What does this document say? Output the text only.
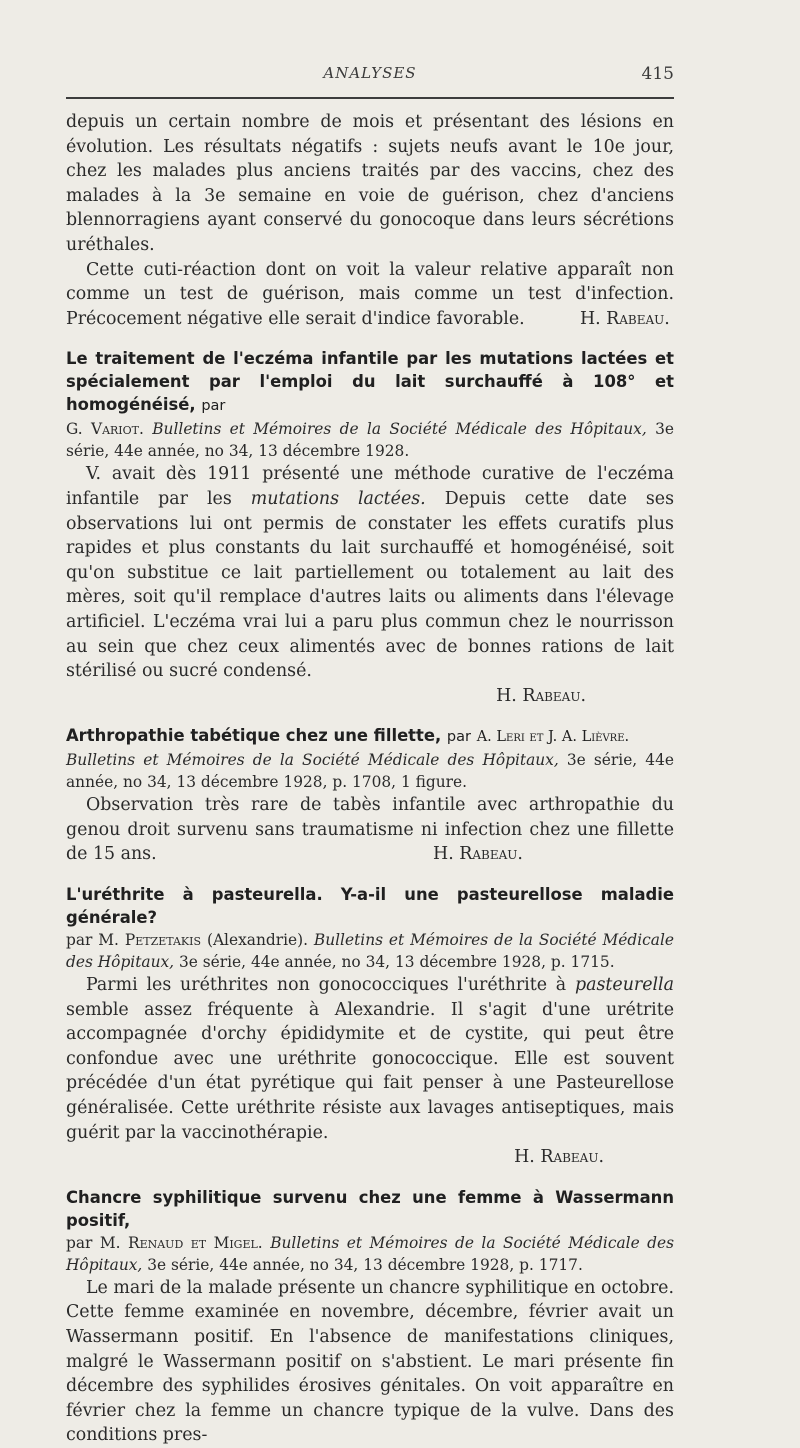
ANALYSES	415

depuis un certain nombre de mois et présentant des lésions en évolution. Les résultats négatifs : sujets neufs avant le 10e jour, chez les malades plus anciens traités par des vaccins, chez des malades à la 3e semaine en voie de guérison, chez d'anciens blennorragiens ayant conservé du gonocoque dans leurs sécrétions uréthales.

Cette cuti-réaction dont on voit la valeur relative apparaît non comme un test de guérison, mais comme un test d'infection. Précocement négative elle serait d'indice favorable.	H. Rabeau.

Le traitement de l'eczéma infantile par les mutations lactées et spécialement par l'emploi du lait surchauffé à 108° et homogénéisé, par

G. Variot. Bulletins et Mémoires de la Société Médicale des Hôpitaux, 3e série, 44e année, no 34, 13 décembre 1928.

V. avait dès 1911 présenté une méthode curative de l'eczéma infantile par les mutations lactées. Depuis cette date ses observations lui ont permis de constater les effets curatifs plus rapides et plus constants du lait surchauffé et homogénéisé, soit qu'on substitue ce lait partiellement ou totalement au lait des mères, soit qu'il remplace d'autres laits ou aliments dans l'élevage artificiel. L'eczéma vrai lui a paru plus commun chez le nourrisson au sein que chez ceux alimentés avec de bonnes rations de lait stérilisé ou sucré condensé.

H. Rabeau.

Arthropathie tabétique chez une fillette, par A. Leri et J. A. Lièvre.

Bulletins et Mémoires de la Société Médicale des Hôpitaux, 3e série, 44e année, no 34, 13 décembre 1928, p. 1708, 1 figure.

Observation très rare de tabès infantile avec arthropathie du genou droit survenu sans traumatisme ni infection chez une fillette de 15 ans.	H. Rabeau.

L'uréthrite à pasteurella. Y-a-il une pasteurellose maladie générale?

par M. Petzetakis (Alexandrie). Bulletins et Mémoires de la Société Médicale des Hôpitaux, 3e série, 44e année, no 34, 13 décembre 1928, p. 1715.

Parmi les uréthrites non gonococciques l'uréthrite à pasteurella semble assez fréquente à Alexandrie. Il s'agit d'une urétrite accompagnée d'orchy épididymite et de cystite, qui peut être confondue avec une uréthrite gonococcique. Elle est souvent précédée d'un état pyrétique qui fait penser à une Pasteurellose généralisée. Cette uréthrite résiste aux lavages antiseptiques, mais guérit par la vaccinothérapie.

H. Rabeau.

Chancre syphilitique survenu chez une femme à Wassermann positif,

par M. Renaud et Migel. Bulletins et Mémoires de la Société Médicale des Hôpitaux, 3e série, 44e année, no 34, 13 décembre 1928, p. 1717.

Le mari de la malade présente un chancre syphilitique en octobre. Cette femme examinée en novembre, décembre, février avait un Wassermann positif. En l'absence de manifestations cliniques, malgré le Wassermann positif on s'abstient. Le mari présente fin décembre des syphilides érosives génitales. On voit apparaître en février chez la femme un chancre typique de la vulve. Dans des conditions pres-
